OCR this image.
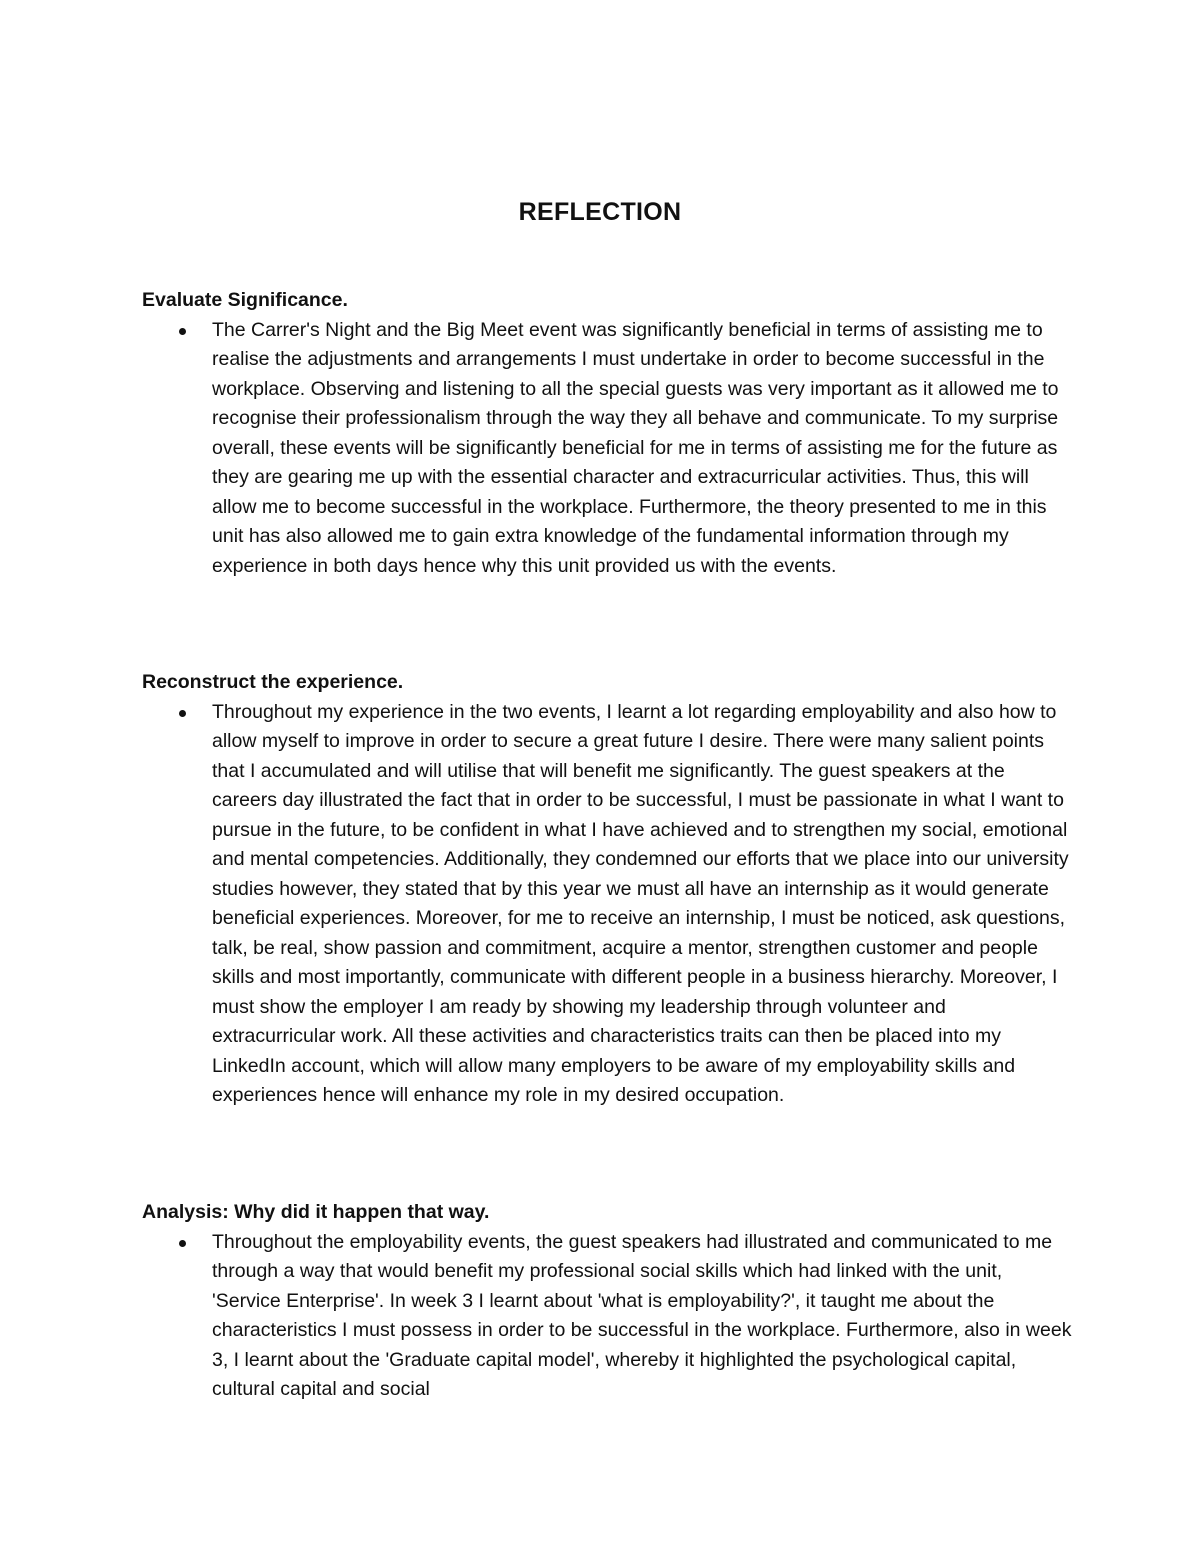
REFLECTION
Evaluate Significance.
The Carrer's Night and the Big Meet event was significantly beneficial in terms of assisting me to realise the adjustments and arrangements I must undertake in order to become successful in the workplace. Observing and listening to all the special guests was very important as it allowed me to recognise their professionalism through the way they all behave and communicate. To my surprise overall, these events will be significantly beneficial for me in terms of assisting me for the future as they are gearing me up with the essential character and extracurricular activities. Thus, this will allow me to become successful in the workplace. Furthermore, the theory presented to me in this unit has also allowed me to gain extra knowledge of the fundamental information through my experience in both days hence why this unit provided us with the events.
Reconstruct the experience.
Throughout my experience in the two events, I learnt a lot regarding employability and also how to allow myself to improve in order to secure a great future I desire. There were many salient points that I accumulated and will utilise that will benefit me significantly. The guest speakers at the careers day illustrated the fact that in order to be successful, I must be passionate in what I want to pursue in the future, to be confident in what I have achieved and to strengthen my social, emotional and mental competencies. Additionally, they condemned our efforts that we place into our university studies however, they stated that by this year we must all have an internship as it would generate beneficial experiences. Moreover, for me to receive an internship, I must be noticed, ask questions, talk, be real, show passion and commitment, acquire a mentor, strengthen customer and people skills and most importantly, communicate with different people in a business hierarchy. Moreover, I must show the employer I am ready by showing my leadership through volunteer and extracurricular work. All these activities and characteristics traits can then be placed into my LinkedIn account, which will allow many employers to be aware of my employability skills and experiences hence will enhance my role in my desired occupation.
Analysis: Why did it happen that way.
Throughout the employability events, the guest speakers had illustrated and communicated to me through a way that would benefit my professional social skills which had linked with the unit, 'Service Enterprise'. In week 3 I learnt about 'what is employability?', it taught me about the characteristics I must possess in order to be successful in the workplace. Furthermore, also in week 3, I learnt about the 'Graduate capital model', whereby it highlighted the psychological capital, cultural capital and social
